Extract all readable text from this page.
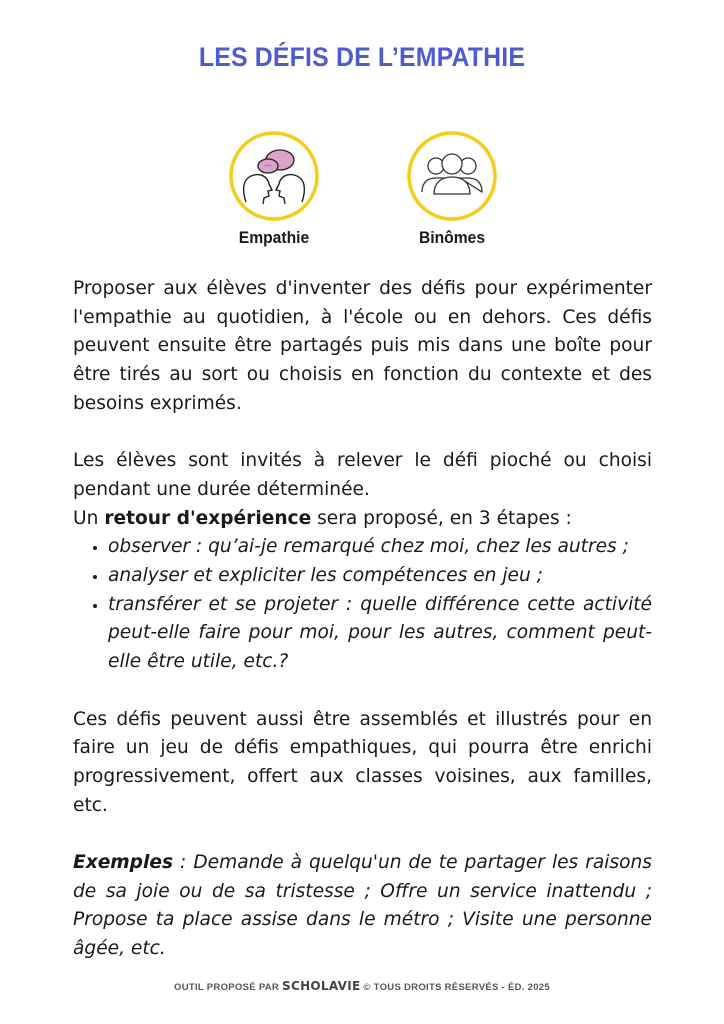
LES DÉFIS DE L’EMPATHIE
···
Empathie	Binômes

Proposer aux élèves d'inventer des défis pour expérimenter l'empathie au quotidien, à l'école ou en dehors. Ces défis peuvent ensuite être partagés puis mis dans une boîte pour être tirés au sort ou choisis en fonction du contexte et des besoins exprimés.

Les élèves sont invités à relever le défi pioché ou choisi pendant une durée déterminée.

Un retour d'expérience sera proposé, en 3 étapes :

• observer : qu’ai-je remarqué chez moi, chez les autres ;
• analyser et expliciter les compétences en jeu ;
• transférer et se projeter : quelle différence cette activité peut-elle faire pour moi, pour les autres, comment peut-elle être utile, etc.?

Ces défis peuvent aussi être assemblés et illustrés pour en faire un jeu de défis empathiques, qui pourra être enrichi progressivement, offert aux classes voisines, aux familles, etc.

Exemples : Demande à quelqu'un de te partager les raisons de sa joie ou de sa tristesse ; Offre un service inattendu ; Propose ta place assise dans le métro ; Visite une personne âgée, etc.

OUTIL PROPOSÉ PAR SCHOLAVIE © TOUS DROITS RÉSERVÉS - ÉD. 2025
